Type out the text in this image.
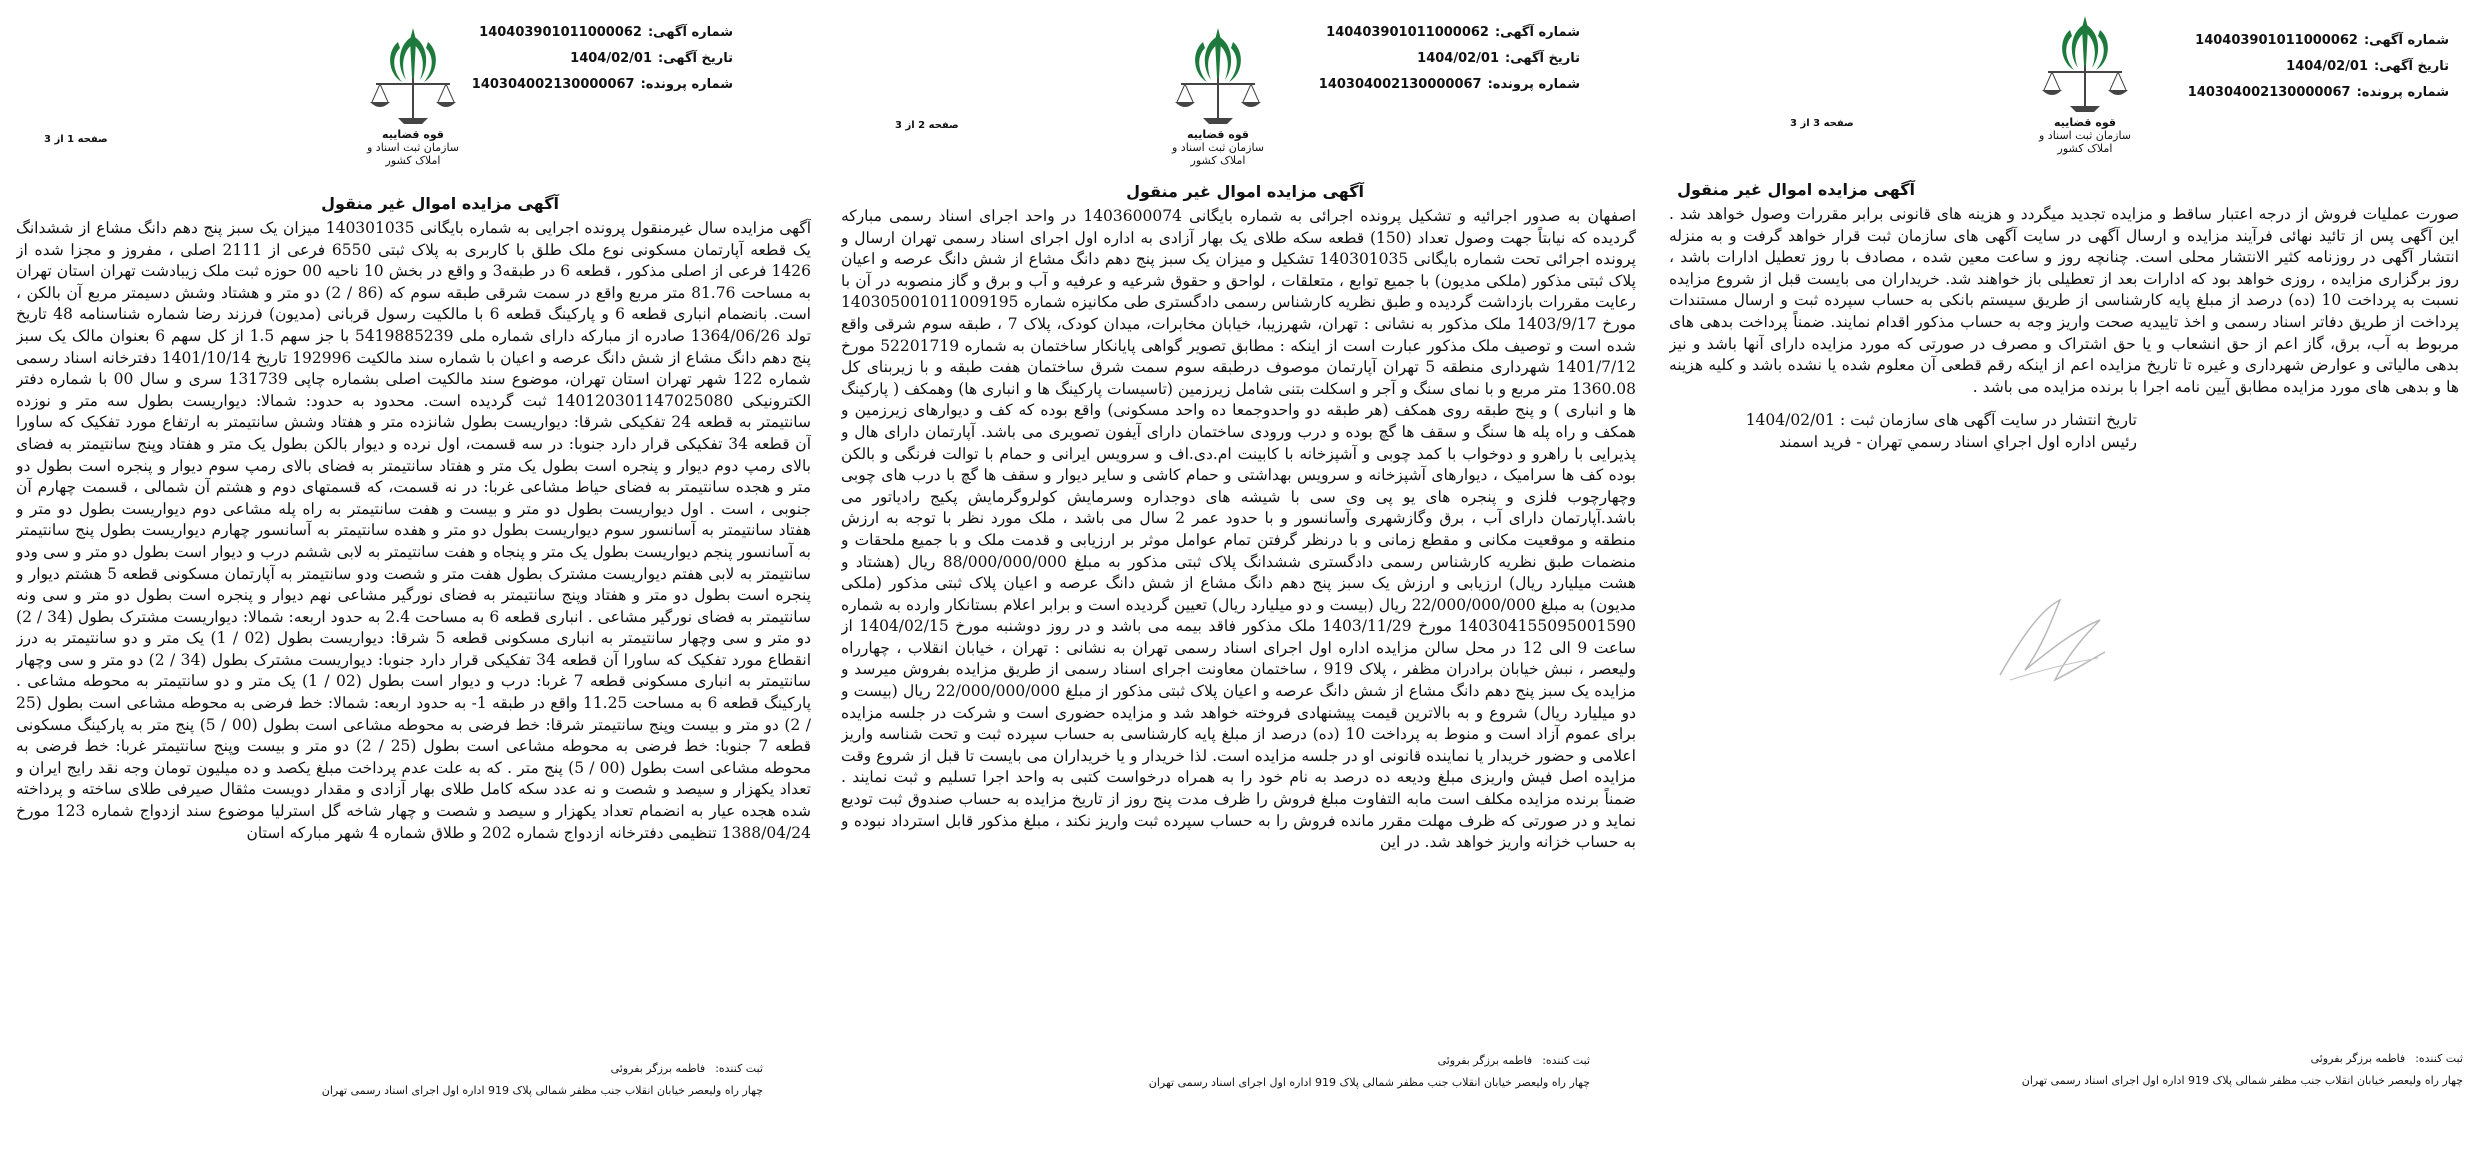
شماره آگهی:140403901011000062
تاریخ آگهی:1404/02/01
شماره پرونده:140304002130000067
قوه قضاییه
سازمان ثبت اسناد و املاک کشور
صفحه 1 از 3
آگهی مزایده اموال غیر منقول
آگهی مزایده سال غیرمنقول پرونده اجرایی به شماره بایگانی 140301035 میزان یک سبز پنج دهم دانگ مشاع از ششدانگ یک قطعه آپارتمان مسکونی نوع ملک طلق با کاربری به پلاک ثبتی 6550 فرعی از 2111 اصلی ، مفروز و مجزا شده از 1426 فرعی از اصلی مذکور ، قطعه 6 در طبقه3 و واقع در بخش 10 ناحیه 00 حوزه ثبت ملک زیبادشت تهران استان تهران به مساحت 81.76 متر مربع واقع در سمت شرقی طبقه سوم که (86 / 2) دو متر و هشتاد وشش دسیمتر مربع آن بالکن ، است. بانضمام انباری قطعه 6 و پارکینگ قطعه 6 با مالکیت رسول قربانی (مدیون) فرزند رضا شماره شناسنامه 48 تاریخ تولد 1364/06/26 صادره از مبارکه دارای شماره ملی 5419885239 با جز سهم 1.5 از کل سهم 6 بعنوان مالک یک سبز پنج دهم دانگ مشاع از شش دانگ عرصه و اعیان با شماره سند مالکیت 192996 تاریخ 1401/10/14 دفترخانه اسناد رسمی شماره 122 شهر تهران استان تهران، موضوع سند مالکیت اصلی بشماره چاپی 131739 سری و سال 00 با شماره دفتر الکترونیکی 140120301147025080 ثبت گردیده است. محدود به حدود: شمالا: دیواریست بطول سه متر و نوزده سانتیمتر به قطعه 24 تفکیکی شرقا: دیواریست بطول شانزده متر و هفتاد وشش سانتیمتر به ارتفاع مورد تفکیک که ساورا آن قطعه 34 تفکیکی قرار دارد جنوبا: در سه قسمت، اول نرده و دیوار بالکن بطول یک متر و هفتاد وپنج سانتیمتر به فضای بالای رمپ دوم دیوار و پنجره است بطول یک متر و هفتاد سانتیمتر به فضای بالای رمپ سوم دیوار و پنجره است بطول دو متر و هجده سانتیمتر به فضای حیاط مشاعی غربا: در نه قسمت، که قسمتهای دوم و هشتم آن شمالی ، قسمت چهارم آن جنوبی ، است . اول دیواریست بطول دو متر و بیست و هفت سانتیمتر به راه پله مشاعی دوم دیواریست بطول دو متر و هفتاد سانتیمتر به آسانسور سوم دیواریست بطول دو متر و هفده سانتیمتر به آسانسور چهارم دیواریست بطول پنج سانتیمتر به آسانسور پنجم دیواریست بطول یک متر و پنجاه و هفت سانتیمتر به لابی ششم درب و دیوار است بطول دو متر و سی ودو سانتیمتر به لابی هفتم دیواریست مشترک بطول هفت متر و شصت ودو سانتیمتر به آپارتمان مسکونی قطعه 5 هشتم دیوار و پنجره است بطول دو متر و هفتاد وپنج سانتیمتر به فضای نورگیر مشاعی نهم دیوار و پنجره است بطول دو متر و سی ونه سانتیمتر به فضای نورگیر مشاعی . انباری قطعه 6 به مساحت 2.4 به حدود اربعه: شمالا: دیواریست مشترک بطول (34 / 2) دو متر و سی وچهار سانتیمتر به انباری مسکونی قطعه 5 شرقا: دیواریست بطول (02 / 1) یک متر و دو سانتیمتر به درز انقطاع مورد تفکیک که ساورا آن قطعه 34 تفکیکی قرار دارد جنوبا: دیواریست مشترک بطول (34 / 2) دو متر و سی وچهار سانتیمتر به انباری مسکونی قطعه 7 غربا: درب و دیوار است بطول (02 / 1) یک متر و دو سانتیمتر به محوطه مشاعی . پارکینگ قطعه 6 به مساحت 11.25 واقع در طبقه 1- به حدود اربعه: شمالا: خط فرضی به محوطه مشاعی است بطول (25 / 2) دو متر و بیست وپنج سانتیمتر شرقا: خط فرضی به محوطه مشاعی است بطول (00 / 5) پنج متر به پارکینگ مسکونی قطعه 7 جنوبا: خط فرضی به محوطه مشاعی است بطول (25 / 2) دو متر و بیست وپنج سانتیمتر غربا: خط فرضی به محوطه مشاعی است بطول (00 / 5) پنج متر . که به علت عدم پرداخت مبلغ یکصد و ده میلیون تومان وجه نقد رایج ایران و تعداد یکهزار و سیصد و شصت و نه عدد سکه کامل طلای بهار آزادی و مقدار دویست مثقال صیرفی طلای ساخته و پرداخته شده هجده عیار به انضمام تعداد یکهزار و سیصد و شصت و چهار شاخه گل استرلیا موضوع سند ازدواج شماره 123 مورخ 1388/04/24 تنظیمی دفترخانه ازدواج شماره 202 و طلاق شماره 4 شهر مبارکه استان
ثبت کننده:فاطمه برزگر بفروئی
چهار راه ولیعصر خیابان انقلاب جنب مظفر شمالی پلاک 919 اداره اول اجرای اسناد رسمی تهران
شماره آگهی:140403901011000062
تاریخ آگهی:1404/02/01
شماره پرونده:140304002130000067
قوه قضاییه
سازمان ثبت اسناد و املاک کشور
صفحه 2 از 3
آگهی مزایده اموال غیر منقول
اصفهان به صدور اجرائیه و تشکیل پرونده اجرائی به شماره بایگانی 1403600074 در واحد اجرای اسناد رسمی مبارکه گردیده که نیابتاً جهت وصول تعداد (150) قطعه سکه طلای یک بهار آزادی به اداره اول اجرای اسناد رسمی تهران ارسال و پرونده اجرائی تحت شماره بایگانی 140301035 تشکیل و میزان یک سبز پنج دهم دانگ مشاع از شش دانگ عرصه و اعیان پلاک ثبتی مذکور (ملکی مدیون) با جمیع توابع ، متعلقات ، لواحق و حقوق شرعیه و عرفیه و آب و برق و گاز منصوبه در آن با رعایت مقررات بازداشت گردیده و طبق نظریه کارشناس رسمی دادگستری طی مکانیزه شماره 140305001011009195 مورخ 1403/9/17 ملک مذکور به نشانی : تهران، شهرزیبا، خیابان مخابرات، میدان کودک، پلاک 7 ، طبقه سوم شرقی واقع شده است و توصیف ملک مذکور عبارت است از اینکه : مطابق تصویر گواهی پایانکار ساختمان به شماره 52201719 مورخ 1401/7/12 شهرداری منطقه 5 تهران آپارتمان موصوف درطبقه سوم سمت شرق ساختمان هفت طبقه و با زیربنای کل 1360.08 متر مربع و با نمای سنگ و آجر و اسکلت بتنی شامل زیرزمین (تاسیسات پارکینگ ها و انباری ها) وهمکف ( پارکینگ ها و انباری ) و پنج طبقه روی همکف (هر طبقه دو واحدوجمعا ده واحد مسکونی) واقع بوده که کف و دیوارهای زیرزمین و همکف و راه پله ها سنگ و سقف ها گچ بوده و درب ورودی ساختمان دارای آیفون تصویری می باشد. آپارتمان دارای هال و پذیرایی با راهرو و دوخواب با کمد چوبی و آشپزخانه با کابینت ام.دی.اف و سرویس ایرانی و حمام با توالت فرنگی و بالکن بوده کف ها سرامیک ، دیوارهای آشپزخانه و سرویس بهداشتی و حمام کاشی و سایر دیوار و سقف ها گچ با درب های چوبی وچهارچوب فلزی و پنجره های یو پی وی سی با شیشه های دوجداره وسرمایش کولروگرمایش پکیج رادیاتور می باشد.آپارتمان دارای آب ، برق وگازشهری وآسانسور و با حدود عمر 2 سال می باشد ، ملک مورد نظر با توجه به ارزش منطقه و موقعیت مکانی و مقطع زمانی و با درنظر گرفتن تمام عوامل موثر بر ارزیابی و قدمت ملک و با جمیع ملحقات و منضمات طبق نظریه کارشناس رسمی دادگستری ششدانگ پلاک ثبتی مذکور به مبلغ 88/000/000/000 ریال (هشتاد و هشت میلیارد ریال) ارزیابی و ارزش یک سبز پنج دهم دانگ مشاع از شش دانگ عرصه و اعیان پلاک ثبتی مذکور (ملکی مدیون) به مبلغ 22/000/000/000 ریال (بیست و دو میلیارد ریال) تعیین گردیده است و برابر اعلام بستانکار وارده به شماره 140304155095001590 مورخ 1403/11/29 ملک مذکور فاقد بیمه می باشد و در روز دوشنبه مورخ 1404/02/15 از ساعت 9 الی 12 در محل سالن مزایده اداره اول اجرای اسناد رسمی تهران به نشانی : تهران ، خیابان انقلاب ، چهارراه ولیعصر ، نبش خیابان برادران مظفر ، پلاک 919 ، ساختمان معاونت اجرای اسناد رسمی از طریق مزایده بفروش میرسد و مزایده یک سبز پنج دهم دانگ مشاع از شش دانگ عرصه و اعیان پلاک ثبتی مذکور از مبلغ 22/000/000/000 ریال (بیست و دو میلیارد ریال) شروع و به بالاترین قیمت پیشنهادی فروخته خواهد شد و مزایده حضوری است و شرکت در جلسه مزایده برای عموم آزاد است و منوط به پرداخت 10 (ده) درصد از مبلغ پایه کارشناسی به حساب سپرده ثبت و تحت شناسه واریز اعلامی و حضور خریدار یا نماینده قانونی او در جلسه مزایده است. لذا خریدار و یا خریداران می بایست تا قبل از شروع وقت مزایده اصل فیش واریزی مبلغ ودیعه ده درصد به نام خود را به همراه درخواست کتبی به واحد اجرا تسلیم و ثبت نمایند . ضمناً برنده مزایده مکلف است مابه التفاوت مبلغ فروش را ظرف مدت پنج روز از تاریخ مزایده به حساب صندوق ثبت تودیع نماید و در صورتی که ظرف مهلت مقرر مانده فروش را به حساب سپرده ثبت واریز نکند ، مبلغ مذکور قابل استرداد نبوده و به حساب خزانه واریز خواهد شد. در این
ثبت کننده:فاطمه برزگر بفروئی
چهار راه ولیعصر خیابان انقلاب جنب مظفر شمالی پلاک 919 اداره اول اجرای اسناد رسمی تهران
شماره آگهی:140403901011000062
تاریخ آگهی:1404/02/01
شماره پرونده:140304002130000067
قوه قضاییه
سازمان ثبت اسناد و املاک کشور
صفحه 3 از 3
آگهی مزایده اموال غیر منقول
صورت عملیات فروش از درجه اعتبار ساقط و مزایده تجدید میگردد و هزینه های قانونی برابر مقررات وصول خواهد شد . این آگهی پس از تائید نهائی فرآیند مزایده و ارسال آگهی در سایت آگهی های سازمان ثبت قرار خواهد گرفت و به منزله انتشار آگهی در روزنامه کثیر الانتشار محلی است. چنانچه روز و ساعت معین شده ، مصادف با روز تعطیل ادارات باشد ، روز برگزاری مزایده ، روزی خواهد بود که ادارات بعد از تعطیلی باز خواهند شد. خریداران می بایست قبل از شروع مزایده نسبت به پرداخت 10 (ده) درصد از مبلغ پایه کارشناسی از طریق سیستم بانکی به حساب سپرده ثبت و ارسال مستندات پرداخت از طریق دفاتر اسناد رسمی و اخذ تاییدیه صحت واریز وجه به حساب مذکور اقدام نمایند. ضمناً پرداخت بدهی های مربوط به آب، برق، گاز اعم از حق انشعاب و یا حق اشتراک و مصرف در صورتی که مورد مزایده دارای آنها باشد و نیز بدهی مالیاتی و عوارض شهرداری و غیره تا تاریخ مزایده اعم از اینکه رقم قطعی آن معلوم شده یا نشده باشد و کلیه هزینه ها و بدهی های مورد مزایده مطابق آیین نامه اجرا با برنده مزایده می باشد .
تاریخ انتشار در سایت آگهی های سازمان ثبت : 1404/02/01
رئیس اداره اول اجراي اسناد رسمي تهران - فرید اسمند
ثبت کننده:فاطمه برزگر بفروئی
چهار راه ولیعصر خیابان انقلاب جنب مظفر شمالی پلاک 919 اداره اول اجرای اسناد رسمی تهران
